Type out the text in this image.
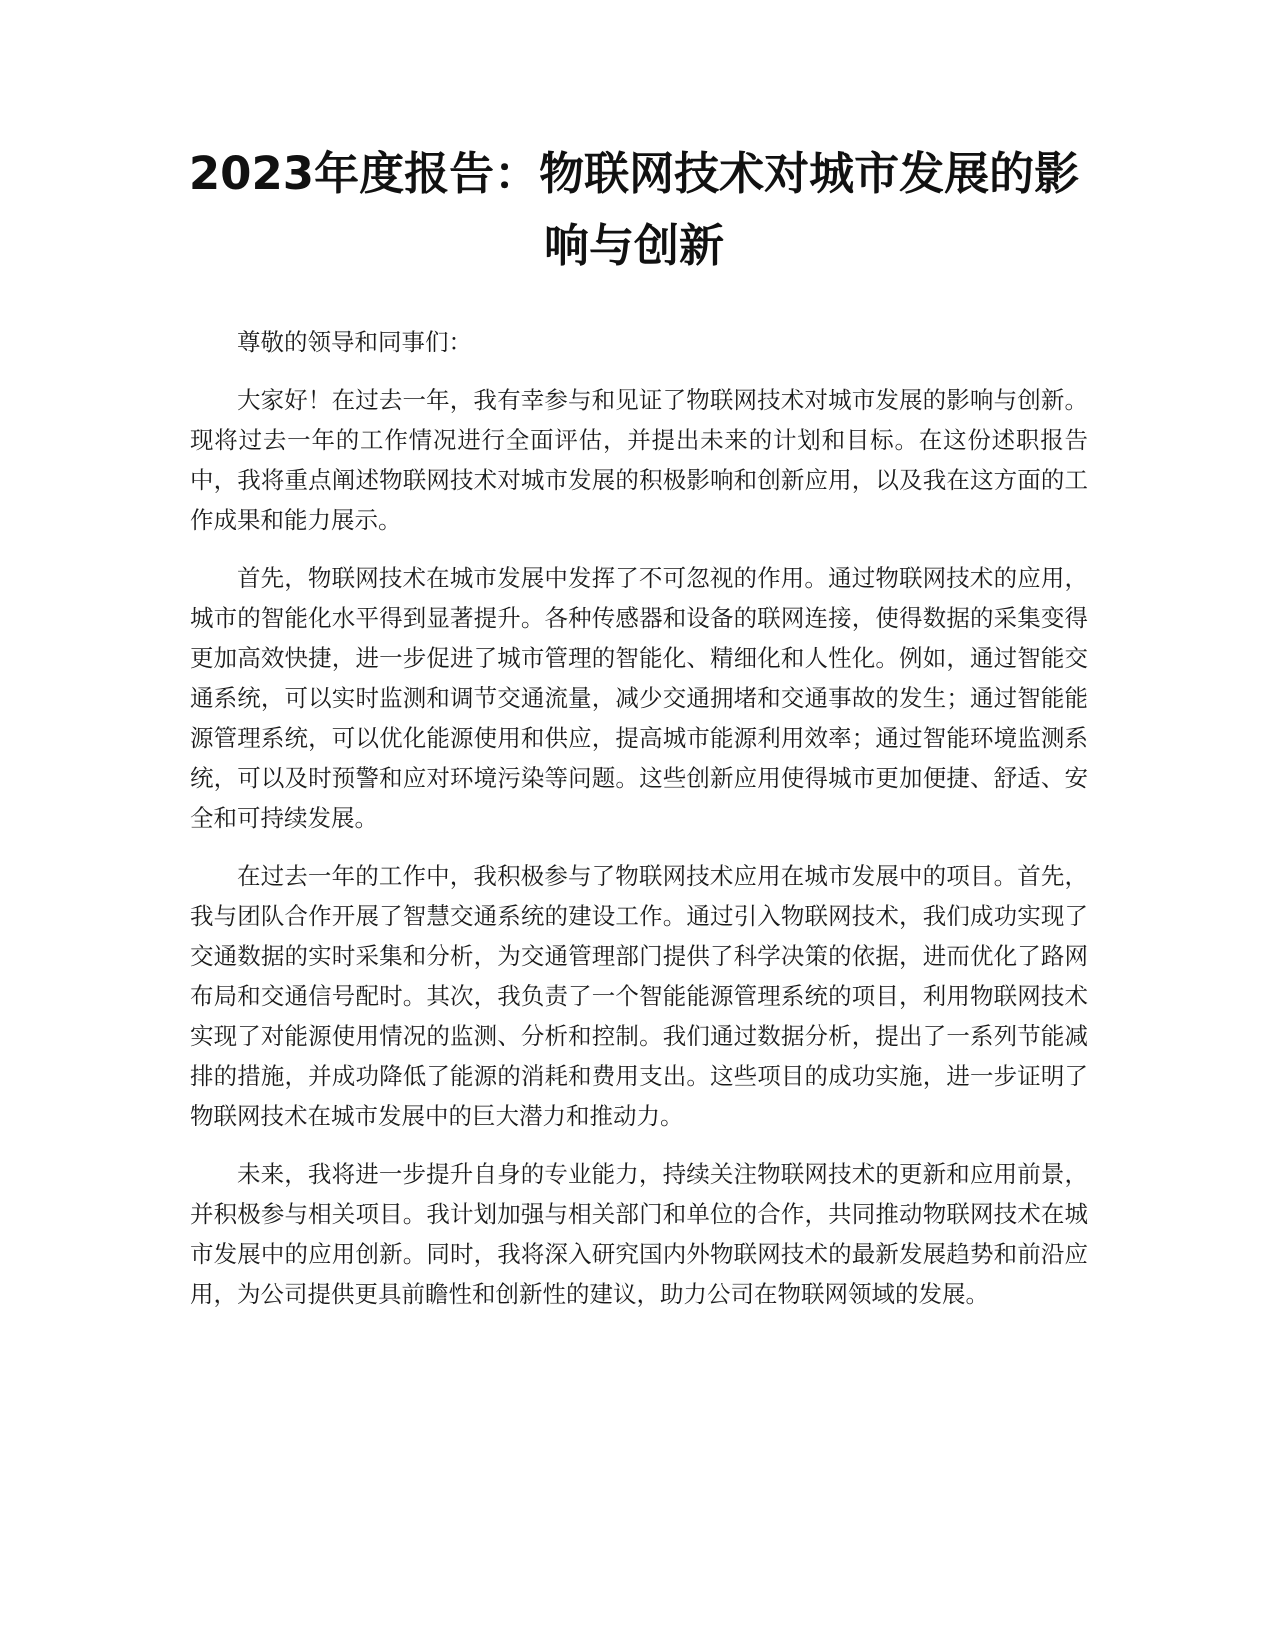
2023年度报告：物联网技术对城市发展的影响与创新

尊敬的领导和同事们：

大家好！在过去一年，我有幸参与和见证了物联网技术对城市发展的影响与创新。现将过去一年的工作情况进行全面评估，并提出未来的计划和目标。在这份述职报告中，我将重点阐述物联网技术对城市发展的积极影响和创新应用，以及我在这方面的工作成果和能力展示。

首先，物联网技术在城市发展中发挥了不可忽视的作用。通过物联网技术的应用，城市的智能化水平得到显著提升。各种传感器和设备的联网连接，使得数据的采集变得更加高效快捷，进一步促进了城市管理的智能化、精细化和人性化。例如，通过智能交通系统，可以实时监测和调节交通流量，减少交通拥堵和交通事故的发生；通过智能能源管理系统，可以优化能源使用和供应，提高城市能源利用效率；通过智能环境监测系统，可以及时预警和应对环境污染等问题。这些创新应用使得城市更加便捷、舒适、安全和可持续发展。

在过去一年的工作中，我积极参与了物联网技术应用在城市发展中的项目。首先，我与团队合作开展了智慧交通系统的建设工作。通过引入物联网技术，我们成功实现了交通数据的实时采集和分析，为交通管理部门提供了科学决策的依据，进而优化了路网布局和交通信号配时。其次，我负责了一个智能能源管理系统的项目，利用物联网技术实现了对能源使用情况的监测、分析和控制。我们通过数据分析，提出了一系列节能减排的措施，并成功降低了能源的消耗和费用支出。这些项目的成功实施，进一步证明了物联网技术在城市发展中的巨大潜力和推动力。

未来，我将进一步提升自身的专业能力，持续关注物联网技术的更新和应用前景，并积极参与相关项目。我计划加强与相关部门和单位的合作，共同推动物联网技术在城市发展中的应用创新。同时，我将深入研究国内外物联网技术的最新发展趋势和前沿应用，为公司提供更具前瞻性和创新性的建议，助力公司在物联网领域的发展。
